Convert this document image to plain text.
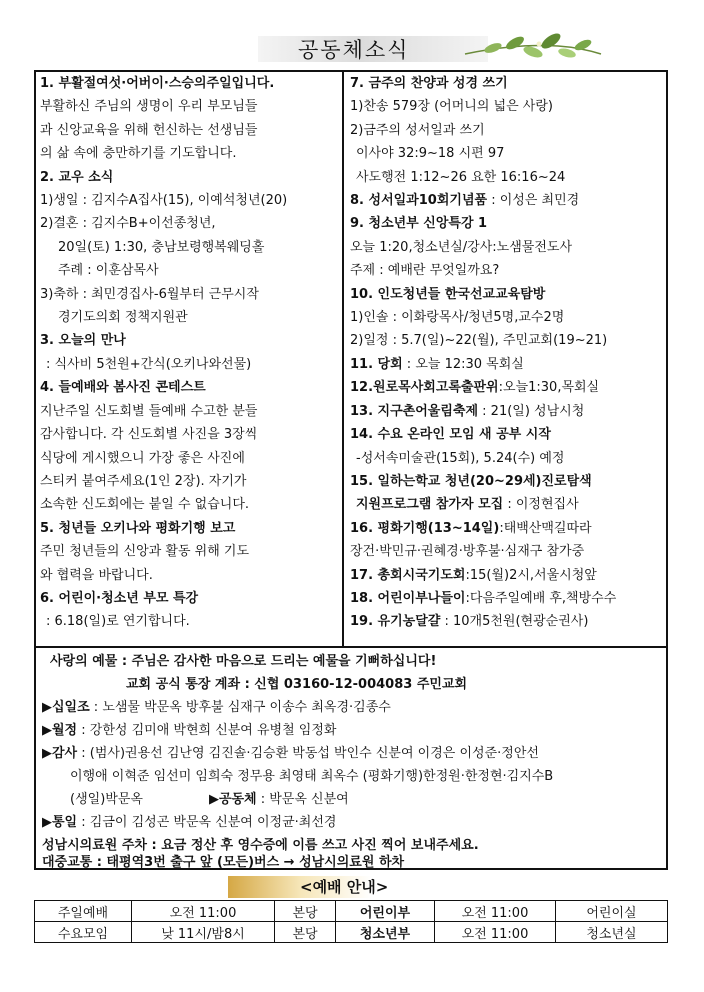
공동체소식
1. 부활절여섯·어버이·스승의주일입니다.
부활하신 주님의 생명이 우리 부모님들
과 신앙교육을 위해 헌신하는 선생님들
의 삶 속에 충만하기를 기도합니다.
2. 교우 소식
1)생일 : 김지수A집사(15), 이예석청년(20)
2)결혼 : 김지수B+이선종청년,
20일(토) 1:30, 충남보령행복웨딩홀
주례 : 이훈삼목사
3)축하 : 최민경집사-6월부터 근무시작
경기도의회 정책지원관
3. 오늘의 만나
: 식사비 5천원+간식(오키나와선물)
4. 들예배와 봄사진 콘테스트
지난주일 신도회별 들예배 수고한 분들
감사합니다. 각 신도회별 사진을 3장씩
식당에 게시했으니 가장 좋은 사진에
스티커 붙여주세요(1인 2장). 자기가
소속한 신도회에는 붙일 수 없습니다.
5. 청년들 오키나와 평화기행 보고
주민 청년들의 신앙과 활동 위해 기도
와 협력을 바랍니다.
6. 어린이·청소년 부모 특강
: 6.18(일)로 연기합니다.
7. 금주의 찬양과 성경 쓰기
1)찬송 579장 (어머니의 넓은 사랑)
2)금주의 성서일과 쓰기
이사야 32:9~18 시편 97
사도행전 1:12~26 요한 16:16~24
8. 성서일과10회기념품 : 이성은 최민경
9. 청소년부 신앙특강 1
오늘 1:20,청소년실/강사:노샘물전도사
주제 : 예배란 무엇일까요?
10. 인도청년들 한국선교교육탐방
1)인솔 : 이화랑목사/청년5명,교수2명
2)일정 : 5.7(일)~22(월), 주민교회(19~21)
11. 당회 : 오늘 12:30 목회실
12.원로목사회고록출판위:오늘1:30,목회실
13. 지구촌어울림축제 : 21(일) 성남시청
14. 수요 온라인 모임 새 공부 시작
-성서속미술관(15회), 5.24(수) 예정
15. 일하는학교 청년(20~29세)진로탐색
지원프로그램 참가자 모집 : 이정현집사
16. 평화기행(13~14일):태백산맥길따라
장건·박민규·권혜경·방후불·심재구 참가중
17. 총회시국기도회:15(월)2시,서울시청앞
18. 어린이부나들이:다음주일예배 후,책방수수
19. 유기농달걀 : 10개5천원(현광순권사)
사랑의 예물 : 주님은 감사한 마음으로 드리는 예물을 기뻐하십니다!
교회 공식 통장 계좌 : 신협 03160-12-004083 주민교회
▶십일조 : 노샘물 박문옥 방후불 심재구 이송수 최옥경·김종수
▶월정 : 강한성 김미애 박현희 신분여 유병철 임정화
▶감사 : (범사)권용선 김난영 김진솔·김승환 박동섭 박인수 신분여 이경은 이성준·정안선
이행애 이혁준 임선미 임희숙 정무용 최영태 최옥수 (평화기행)한정원·한정현·김지수B
(생일)박문옥	▶공동체 : 박문옥 신분여
▶통일 : 김금이 김성곤 박문옥 신분여 이정균·최선경
성남시의료원 주차 : 요금 정산 후 영수증에 이름 쓰고 사진 찍어 보내주세요.
대중교통 : 태평역3번 출구 앞 (모든)버스 → 성남시의료원 하차
<예배 안내>
주일예배	오전 11:00	본당	어린이부	오전 11:00	어린이실
수요모임	낮 11시/밤8시	본당	청소년부	오전 11:00	청소년실
